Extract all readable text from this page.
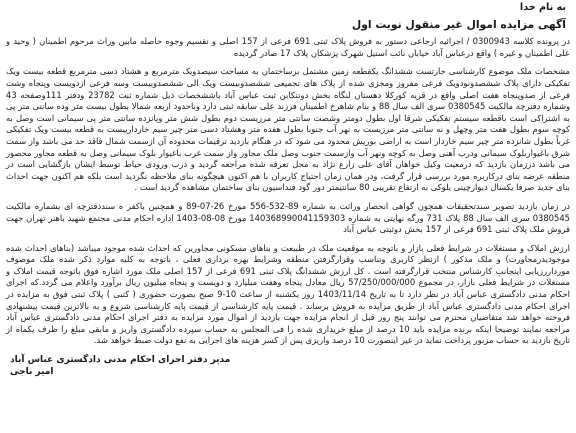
به نام خدا
آگهی مزایده اموال غیر منقول نوبت اول

در پرونده کلاسه 0300943 / اجرائیه ارجاعی دستور به فروش پلاک ثبتی 691 فرعی از 157 اصلی و تقسیم وجوه حاصله مابین وراث مرحوم اطمینان ( وحید و علی اطمینان و غیره ) واقع درعباس آباد خیابان نائب استیل شهرک پزشکان پلاک 17 صادر گردیده

مشخصات ملک موضوع کارشناسی جارتست ششدانگ یکقطعه زمین مشتمل برساختمان به مساحت سیصدویک مترمربع و هشتاد دسی مترمربع قطعه بیست ویک تفکیکی دارای پلاک ششصدونودویک فرعی مفروز ومجزی شده از پلاک های تجمیعی ششصدوبیست ویک الی ششصدوبیست وسه فرعی ازدویست وپنجاه وشت فرعی از صدوپنجاه هفت اصلی واقع در قریه کورکلا دهستان لنگاه بخش دوتنکابن ثبت عباس آباد باششخصات ذیل شماره ثبت 23782 ودفتر 111وصفحه 43 وشماره دفترچه مالکیت 0380545 سری الف سال 88 و بنام شاهرخ اطمینان فرزند علی سابقه ثبتی دارد وباحدود اربعه شمالا بطول بیست متر وده سانتی متر پی به اشتراکی است باقطعه سیستم تفکیکی شرقا اول بطول دومتر وشصت سانتی متر مرزیست دوم بطول شش متر وپانزده سانتی متر پی سیمانی است وصل به کوچه سوم بطول هفت متر وچهل و نه سانتی متر مرزیست به نهر آب جنوبا بطول هفده متر وهشتاد دسی متر چیر سیم خاردارییست به قطعه بیست ویک تفکیکی غرباً بطول شانزده متر چیر سیم خاردار است به اراضی بوریش محدود می شود که در هنگام بازدید ترقیمات محدوده آن ازسمت شمال فاقد حد می باشد واز سمت شرق باغیواربلوک سیمانی ودرب آهنی وصل به کوچه ونهر آب وازسمت جنوب وصل ملک مجاور واز سمت غرب باغیوار بلوک سیمانی وصل به قطعه مجاور محصور می باشد درزمان بازدید که درمعیت وکیل خواهان آقای علی زارع نژاد به محل تعرفه شده مراجعه گردید و درب ورودی حیاط توسط ایشان بازگشایی است در منطقه عرضه بنای درکاربره مورد بررسی قرار گرفت، ودر همان زمان احتیاج کاربران با هم اکنون هیچگونه بنای ملاحظه نگردید است بلکه هم اکنون جهت احداث بنای جدید صرفا یکسال دیوارچینی بلوکی به ارتفاع تقریبی 80 سانتیمتر دور گود فنداسیون بنای ساختمان مشاهده گردید است .

در زمان بازدید تصویر سندتحقیقات همچون گواهی انحصار وراثت به شماره 89-532-556 مورخ 26-07-89 و همچنین باکفر ه سندذقترچه ای بشماره مالکیت 0380545 سری الف سال 88 پلاک 731 ورگه نهایتی به شماره 140368990041159303 مورخ 08-08-1403 اداره احکام مدنی مجتمع شهید باهنر تهران جهت قروش ملک پلاک ثبتی 691 فرعی از 157 بخش دوثبتی عباس آباد

ارزش املاک و مستغلات در شرایط فعلی بازار و باتوجه به موقعیت ملک در طبیعت و بناهای مسکونی مجاورین که احداث شده موجود میباشد (بناهای احداث شده موجودیدرمجاورت) و ملک مذکور ) ازنظر کاربری وتناسب وقرارگرفتن منطقه وشرایط بهره برداری فعلی ، باتوجه به کلیه موارد ذکر شده ملک موصوف مورداررزیابی اینجانب کارشناس منتخب قرارگرفته است . کل ارزش ششدانگ پلاک ثبتی 691 فرعی از 157 اصلی ملک مورد اشاره فوق باتوجه قیمت املاک و مستغلات در شرایط فعلی بازار، در مجموع 57/250/000/000 ریال معادل پنجاه وهفت میلیارد و دویست و پنجاه میلیون ریال برآورد واعلام می گردد.که اجرای احکام مدنی دادگستری عباس آباد در نظر دارد تا به تاریخ 1403/11/14 روز یکشنبه از ساعت 10-9 صبح بصورت حضوری ( کتبی ) پلاک ثبتی فوق به مزایده در اجرای احکام مدنی دادگستری عباس آباد از طریق مزایده به فروش برساند . قیمت پایه کارشناسی از قیمت پایه کارشناسی شروع و به بالاترین قیمت پیشنهادی فروخته خواهد شد متقاضیان محترم می توانند پنج روز قبل از انجام مزایده جهت بازدید از اموال مورد مزایده به دفتر اجرای احکام مدنی دادگستری عباس آباد مراجعه نمایند توضیحا اینکه برنده مزایده باید 10 درصد از مبلغ خریداری شده را فی المجلس به حساب سپرده دادگستری واریز و مابقی مبلغ را ظرف یکماه از تاریخ بازدید به حساب مزبور پرداخت نماید در غیر اینصورت 10 درصد واریزی پس از کسر هزینه های اجرایی به نفع دولت ضبط خواهد شد.

مدیر دفتر اجرای احکام مدنی دادگستری عباس آباد
امیر ناجی
